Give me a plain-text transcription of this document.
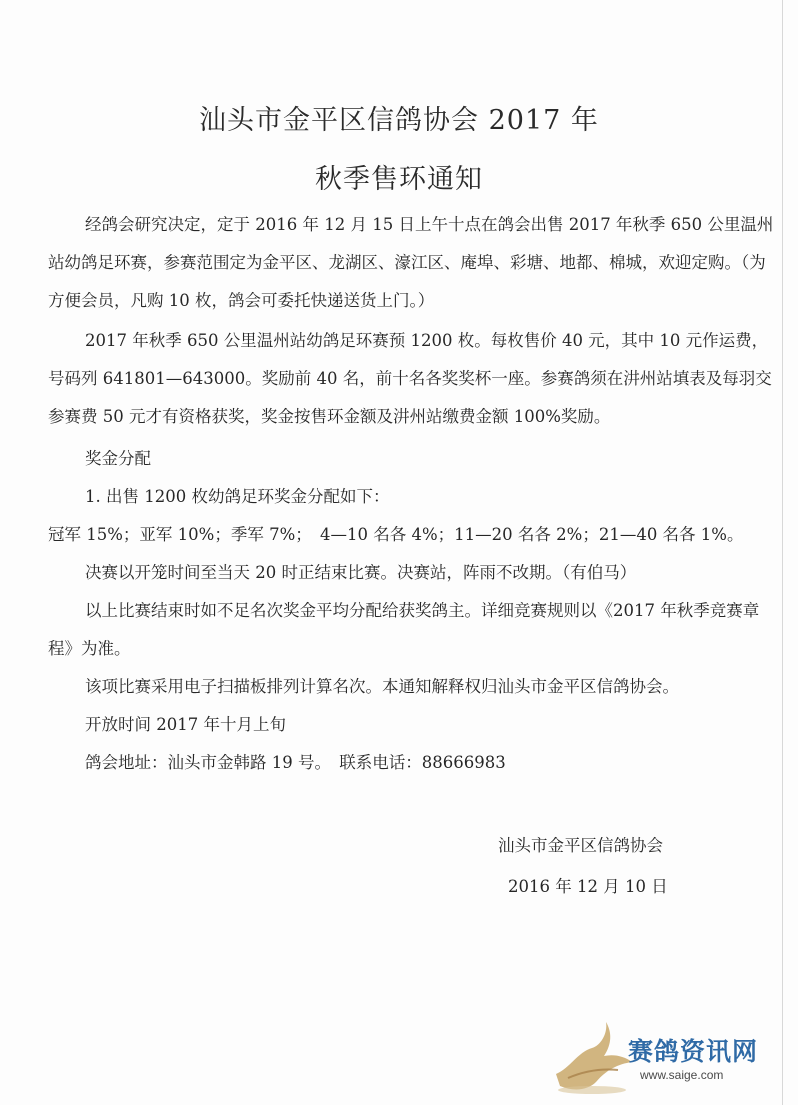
汕头市金平区信鸽协会 2017 年
秋季售环通知

经鸽会研究决定，定于 2016 年 12 月 15 日上午十点在鸽会出售 2017 年秋季 650 公里温州站幼鸽足环赛，参赛范围定为金平区、龙湖区、濠江区、庵埠、彩塘、地都、棉城，欢迎定购。（为方便会员，凡购 10 枚，鸽会可委托快递送货上门。）

2017 年秋季 650 公里温州站幼鸽足环赛预 1200 枚。每枚售价 40 元，其中 10 元作运费，号码列 641801—643000。奖励前 40 名，前十名各奖奖杯一座。参赛鸽须在汫州站填表及每羽交参赛费 50 元才有资格获奖，奖金按售环金额及汫州站缴费金额 100%奖励。

奖金分配
1. 出售 1200 枚幼鸽足环奖金分配如下：
冠军 15%；亚军 10%；季军 7%；　4—10 名各 4%；11—20 名各 2%；21—40 名各 1%。
决赛以开笼时间至当天 20 时正结束比赛。决赛站，阵雨不改期。（有伯马）

以上比赛结束时如不足名次奖金平均分配给获奖鸽主。详细竞赛规则以《2017 年秋季竞赛章程》为准。

该项比赛采用电子扫描板排列计算名次。本通知解释权归汕头市金平区信鸽协会。
开放时间 2017 年十月上旬
鸽会地址：汕头市金韩路 19 号。　联系电话：88666983
汕头市金平区信鸽协会
2016 年 12 月 10 日
赛鸽资讯网
www.saige.com
